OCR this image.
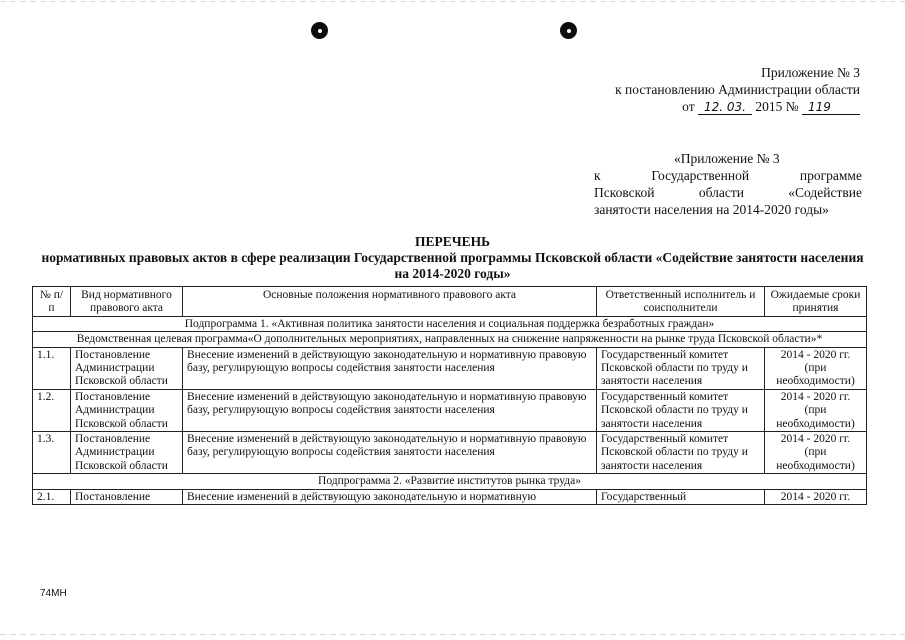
Приложение № 3
к постановлению Администрации области
от 12. 03. 2015 № 119
«Приложение № 3
к	Государственной	программе
Псковской	области	«Содействие
занятости населения на 2014-2020 годы»
ПЕРЕЧЕНЬ
нормативных правовых актов в сфере реализации Государственной программы Псковской области «Содействие занятости населения на 2014-2020 годы»
№ п/п	Вид нормативного правового акта	Основные положения нормативного правового акта	Ответственный исполнитель и соисполнители	Ожидаемые сроки принятия
Подпрограмма 1. «Активная политика занятости населения и социальная поддержка безработных граждан»				
Ведомственная целевая программа«О дополнительных мероприятиях, направленных на снижение напряженности на рынке труда Псковской области»*				
1.1.	Постановление Администрации Псковской области	Внесение изменений в действующую законодательную и нормативную правовую базу, регулирующую вопросы содействия занятости населения	Государственный комитет Псковской области по труду и занятости населения	2014 - 2020 гг. (при необходимости)
1.2.	Постановление Администрации Псковской области	Внесение изменений в действующую законодательную и нормативную правовую базу, регулирующую вопросы содействия занятости населения	Государственный комитет Псковской области по труду и занятости населения	2014 - 2020 гг. (при необходимости)
1.3.	Постановление Администрации Псковской области	Внесение изменений в действующую законодательную и нормативную правовую базу, регулирующую вопросы содействия занятости населения	Государственный комитет Псковской области по труду и занятости населения	2014 - 2020 гг. (при необходимости)
Подпрограмма 2. «Развитие институтов рынка труда»				
2.1.	Постановление	Внесение изменений в действующую законодательную и нормативную	Государственный	2014 - 2020 гг.
74МН
